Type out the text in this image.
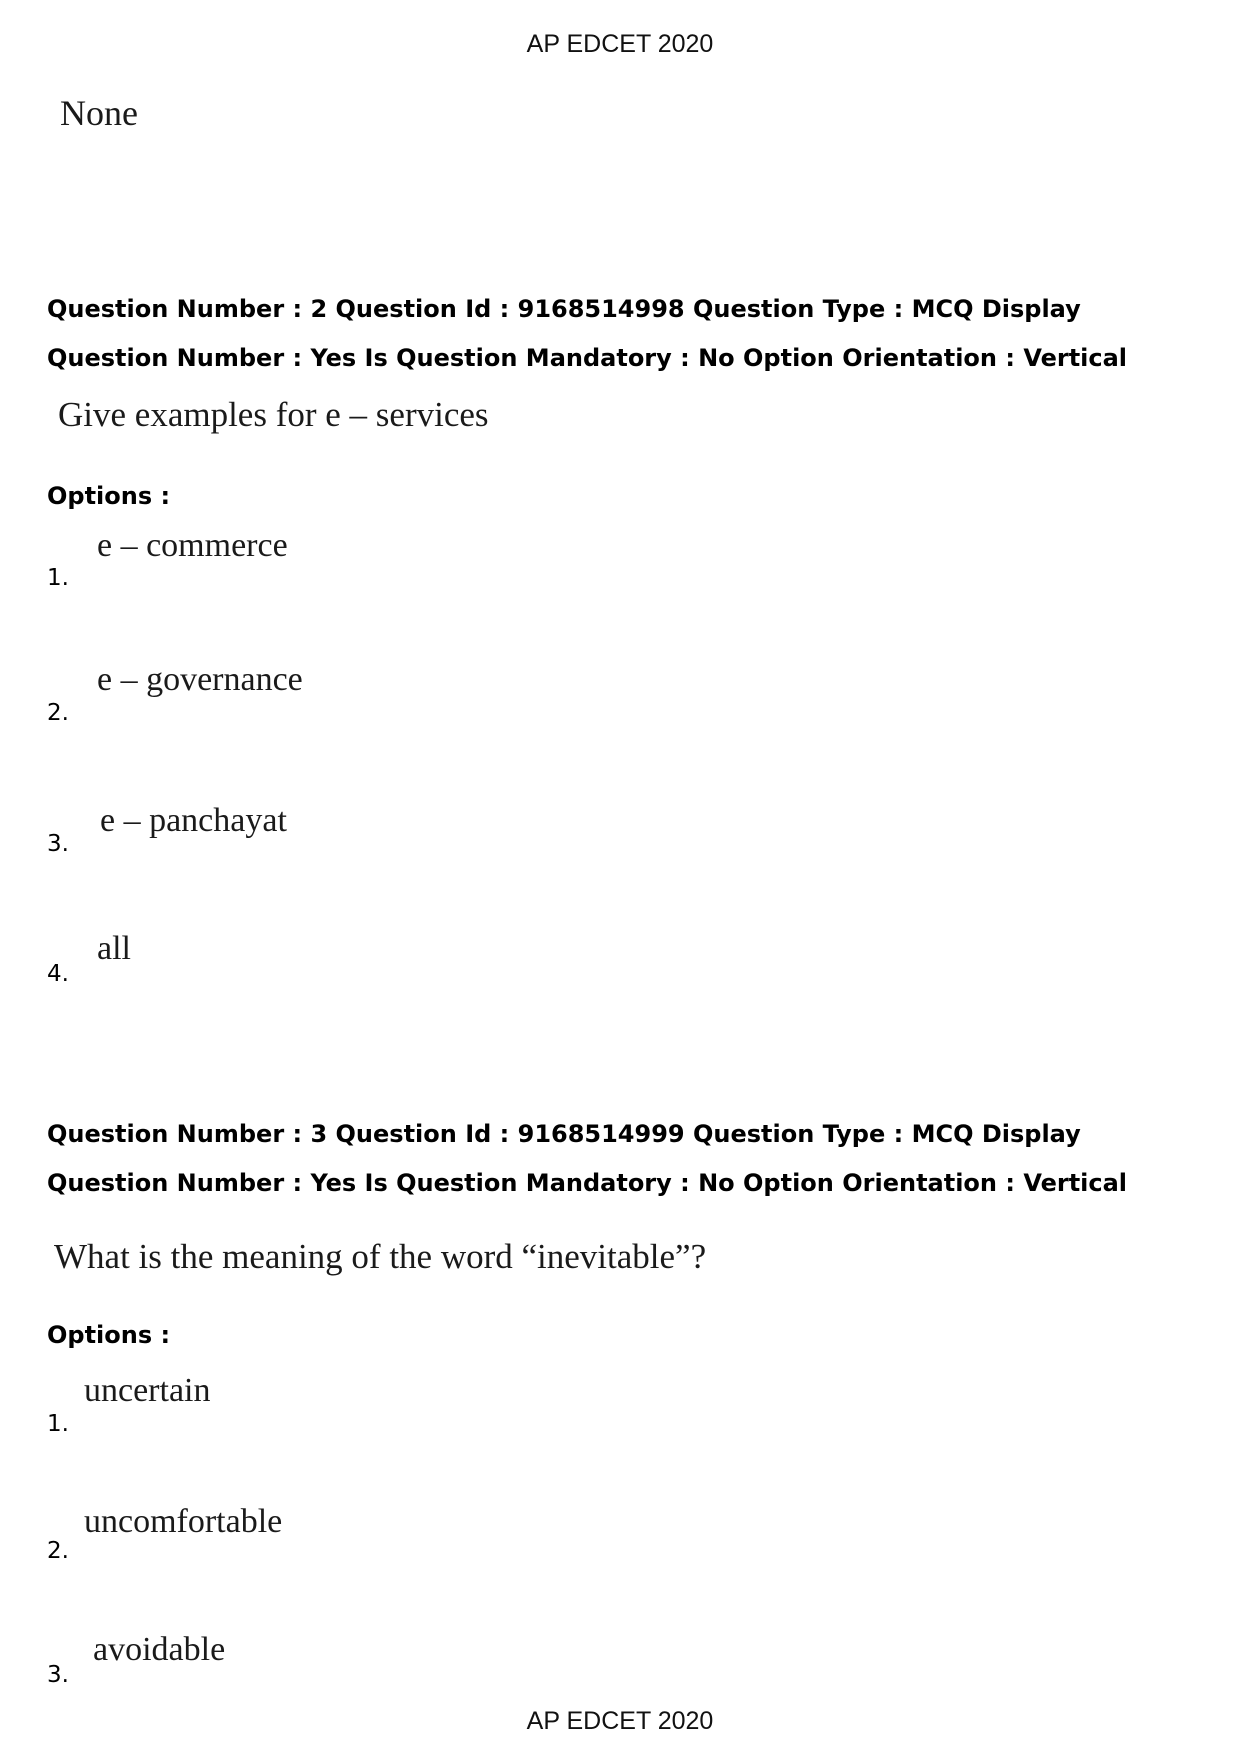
AP EDCET 2020
None
Question Number : 2 Question Id : 9168514998 Question Type : MCQ Display Question Number : Yes Is Question Mandatory : No Option Orientation : Vertical
Give examples for e – services
Options :
1.
e – commerce
2.
e – governance
3.
e – panchayat
4.
all
Question Number : 3 Question Id : 9168514999 Question Type : MCQ Display Question Number : Yes Is Question Mandatory : No Option Orientation : Vertical
What is the meaning of the word “inevitable”?
Options :
1.
uncertain
2.
uncomfortable
3.
avoidable
AP EDCET 2020
